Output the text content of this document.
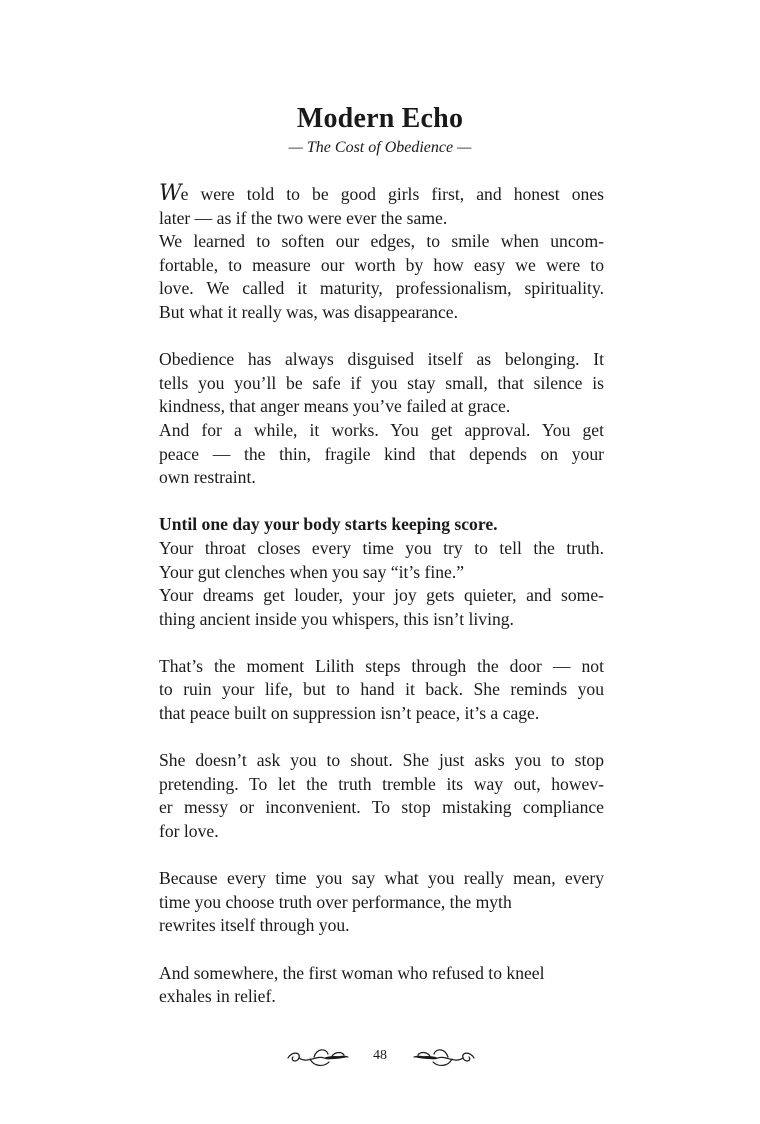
Modern Echo
— The Cost of Obedience —

We were told to be good girls first, and honest ones
later — as if the two were ever the same.
We learned to soften our edges, to smile when uncom-
fortable, to measure our worth by how easy we were to
love. We called it maturity, professionalism, spirituality.
But what it really was, was disappearance.

Obedience has always disguised itself as belonging. It
tells you you’ll be safe if you stay small, that silence is
kindness, that anger means you’ve failed at grace.
And for a while, it works. You get approval. You get
peace — the thin, fragile kind that depends on your
own restraint.

Until one day your body starts keeping score.
Your throat closes every time you try to tell the truth.
Your gut clenches when you say “it’s fine.”
Your dreams get louder, your joy gets quieter, and some-
thing ancient inside you whispers, this isn’t living.

That’s the moment Lilith steps through the door — not
to ruin your life, but to hand it back. She reminds you
that peace built on suppression isn’t peace, it’s a cage.

She doesn’t ask you to shout. She just asks you to stop
pretending. To let the truth tremble its way out, howev-
er messy or inconvenient. To stop mistaking compliance
for love.

Because every time you say what you really mean, every
time you choose truth over performance, the myth
rewrites itself through you.

And somewhere, the first woman who refused to kneel
exhales in relief.

48
